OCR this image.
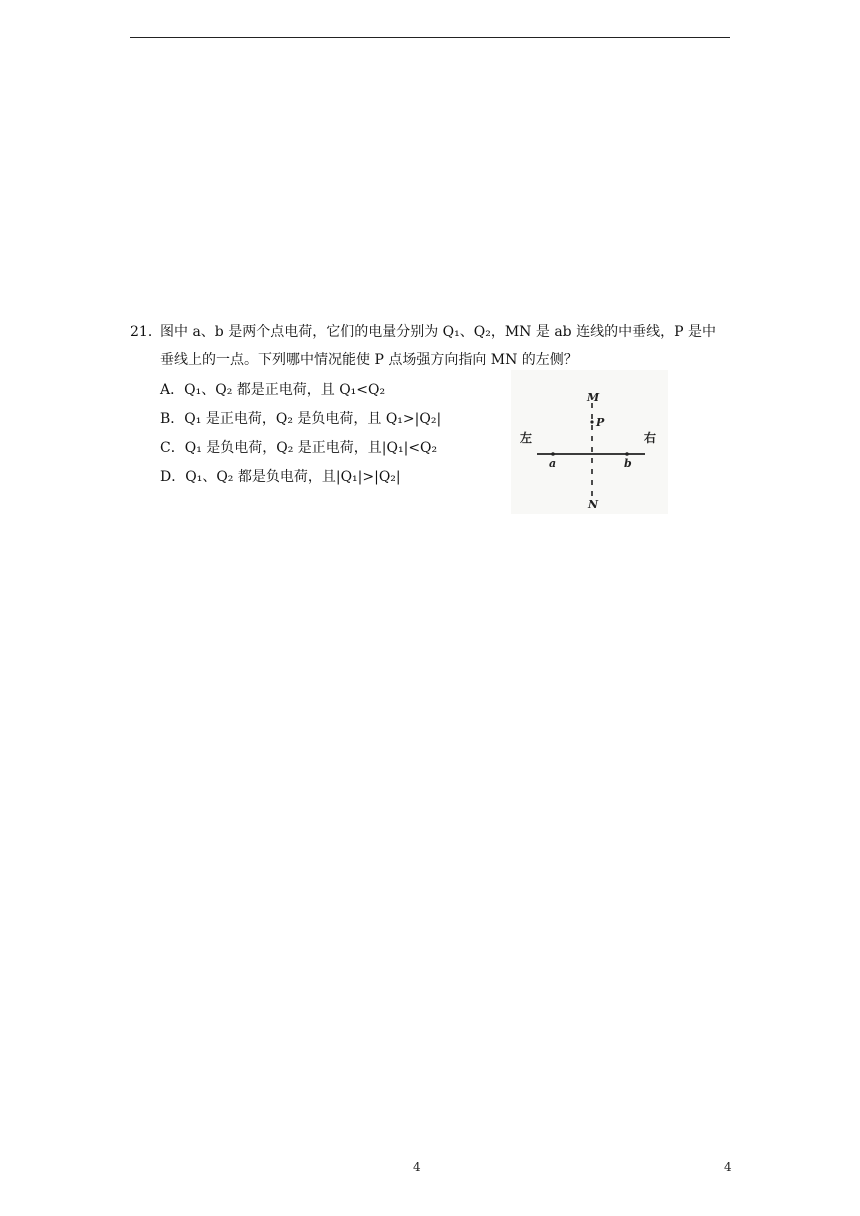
21．
图中 a、b 是两个点电荷，它们的电量分别为 Q₁、Q₂，MN 是 ab 连线的中垂线，P 是中
垂线上的一点。下列哪中情况能使 P 点场强方向指向 MN 的左侧？
A．Q₁、Q₂ 都是正电荷，且 Q₁<Q₂
B．Q₁ 是正电荷，Q₂ 是负电荷，且 Q₁>|Q₂|
C．Q₁ 是负电荷，Q₂ 是正电荷，且|Q₁|<Q₂
D．Q₁、Q₂ 都是负电荷，且|Q₁|>|Q₂|
M
P
N
a	b
左	右
4	4
